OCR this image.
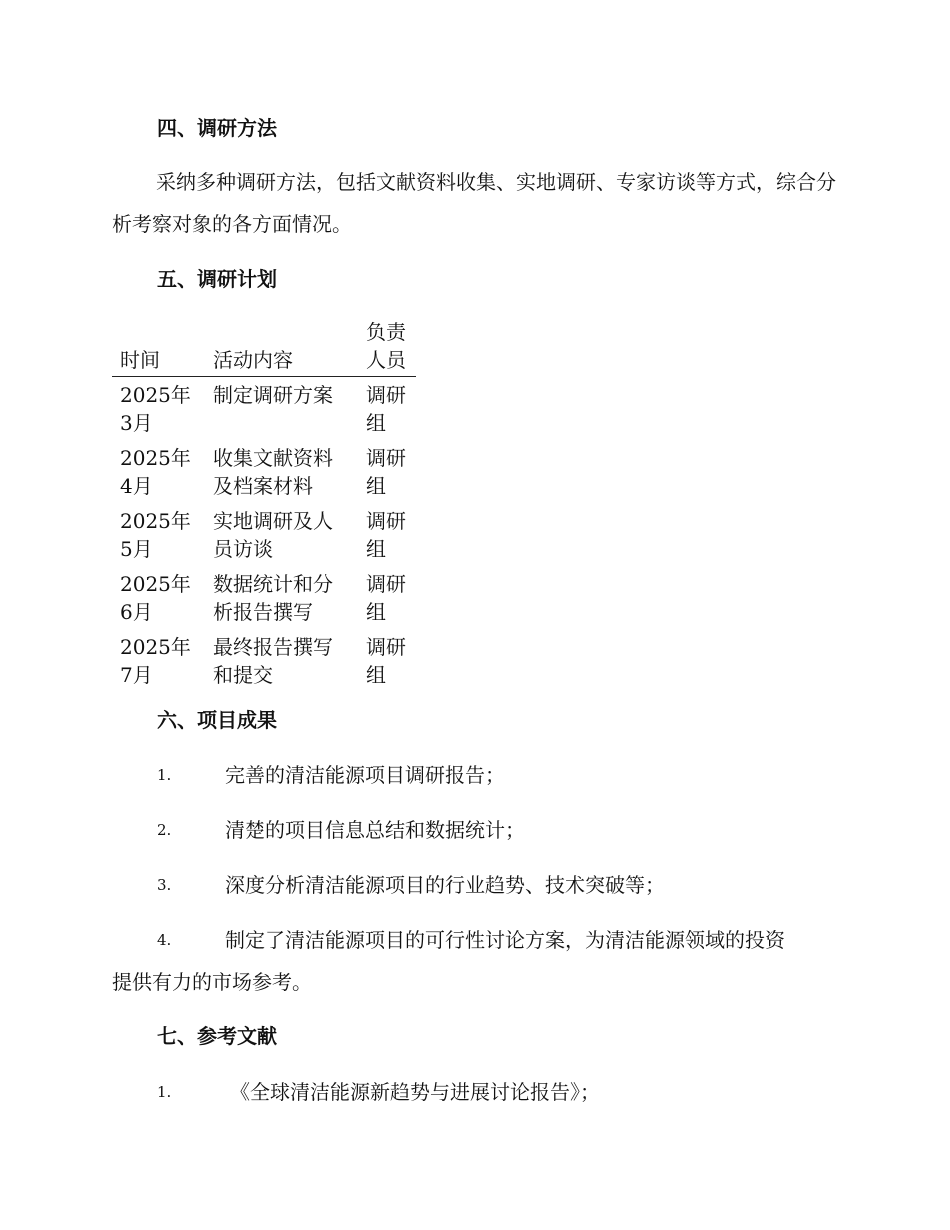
四、调研方法
采纳多种调研方法，包括文献资料收集、实地调研、专家访谈等方式，综合分析考察对象的各方面情况。
五、调研计划
时间	活动内容	负责人员
2025年3月	制定调研方案	调研组
2025年4月	收集文献资料及档案材料	调研组
2025年5月	实地调研及人员访谈	调研组
2025年6月	数据统计和分析报告撰写	调研组
2025年7月	最终报告撰写和提交	调研组
六、项目成果
1.	完善的清洁能源项目调研报告；
2.	清楚的项目信息总结和数据统计；
3.	深度分析清洁能源项目的行业趋势、技术突破等；
4.	制定了清洁能源项目的可行性讨论方案，为清洁能源领域的投资
提供有力的市场参考。
七、参考文献
1.	《全球清洁能源新趋势与进展讨论报告》；
